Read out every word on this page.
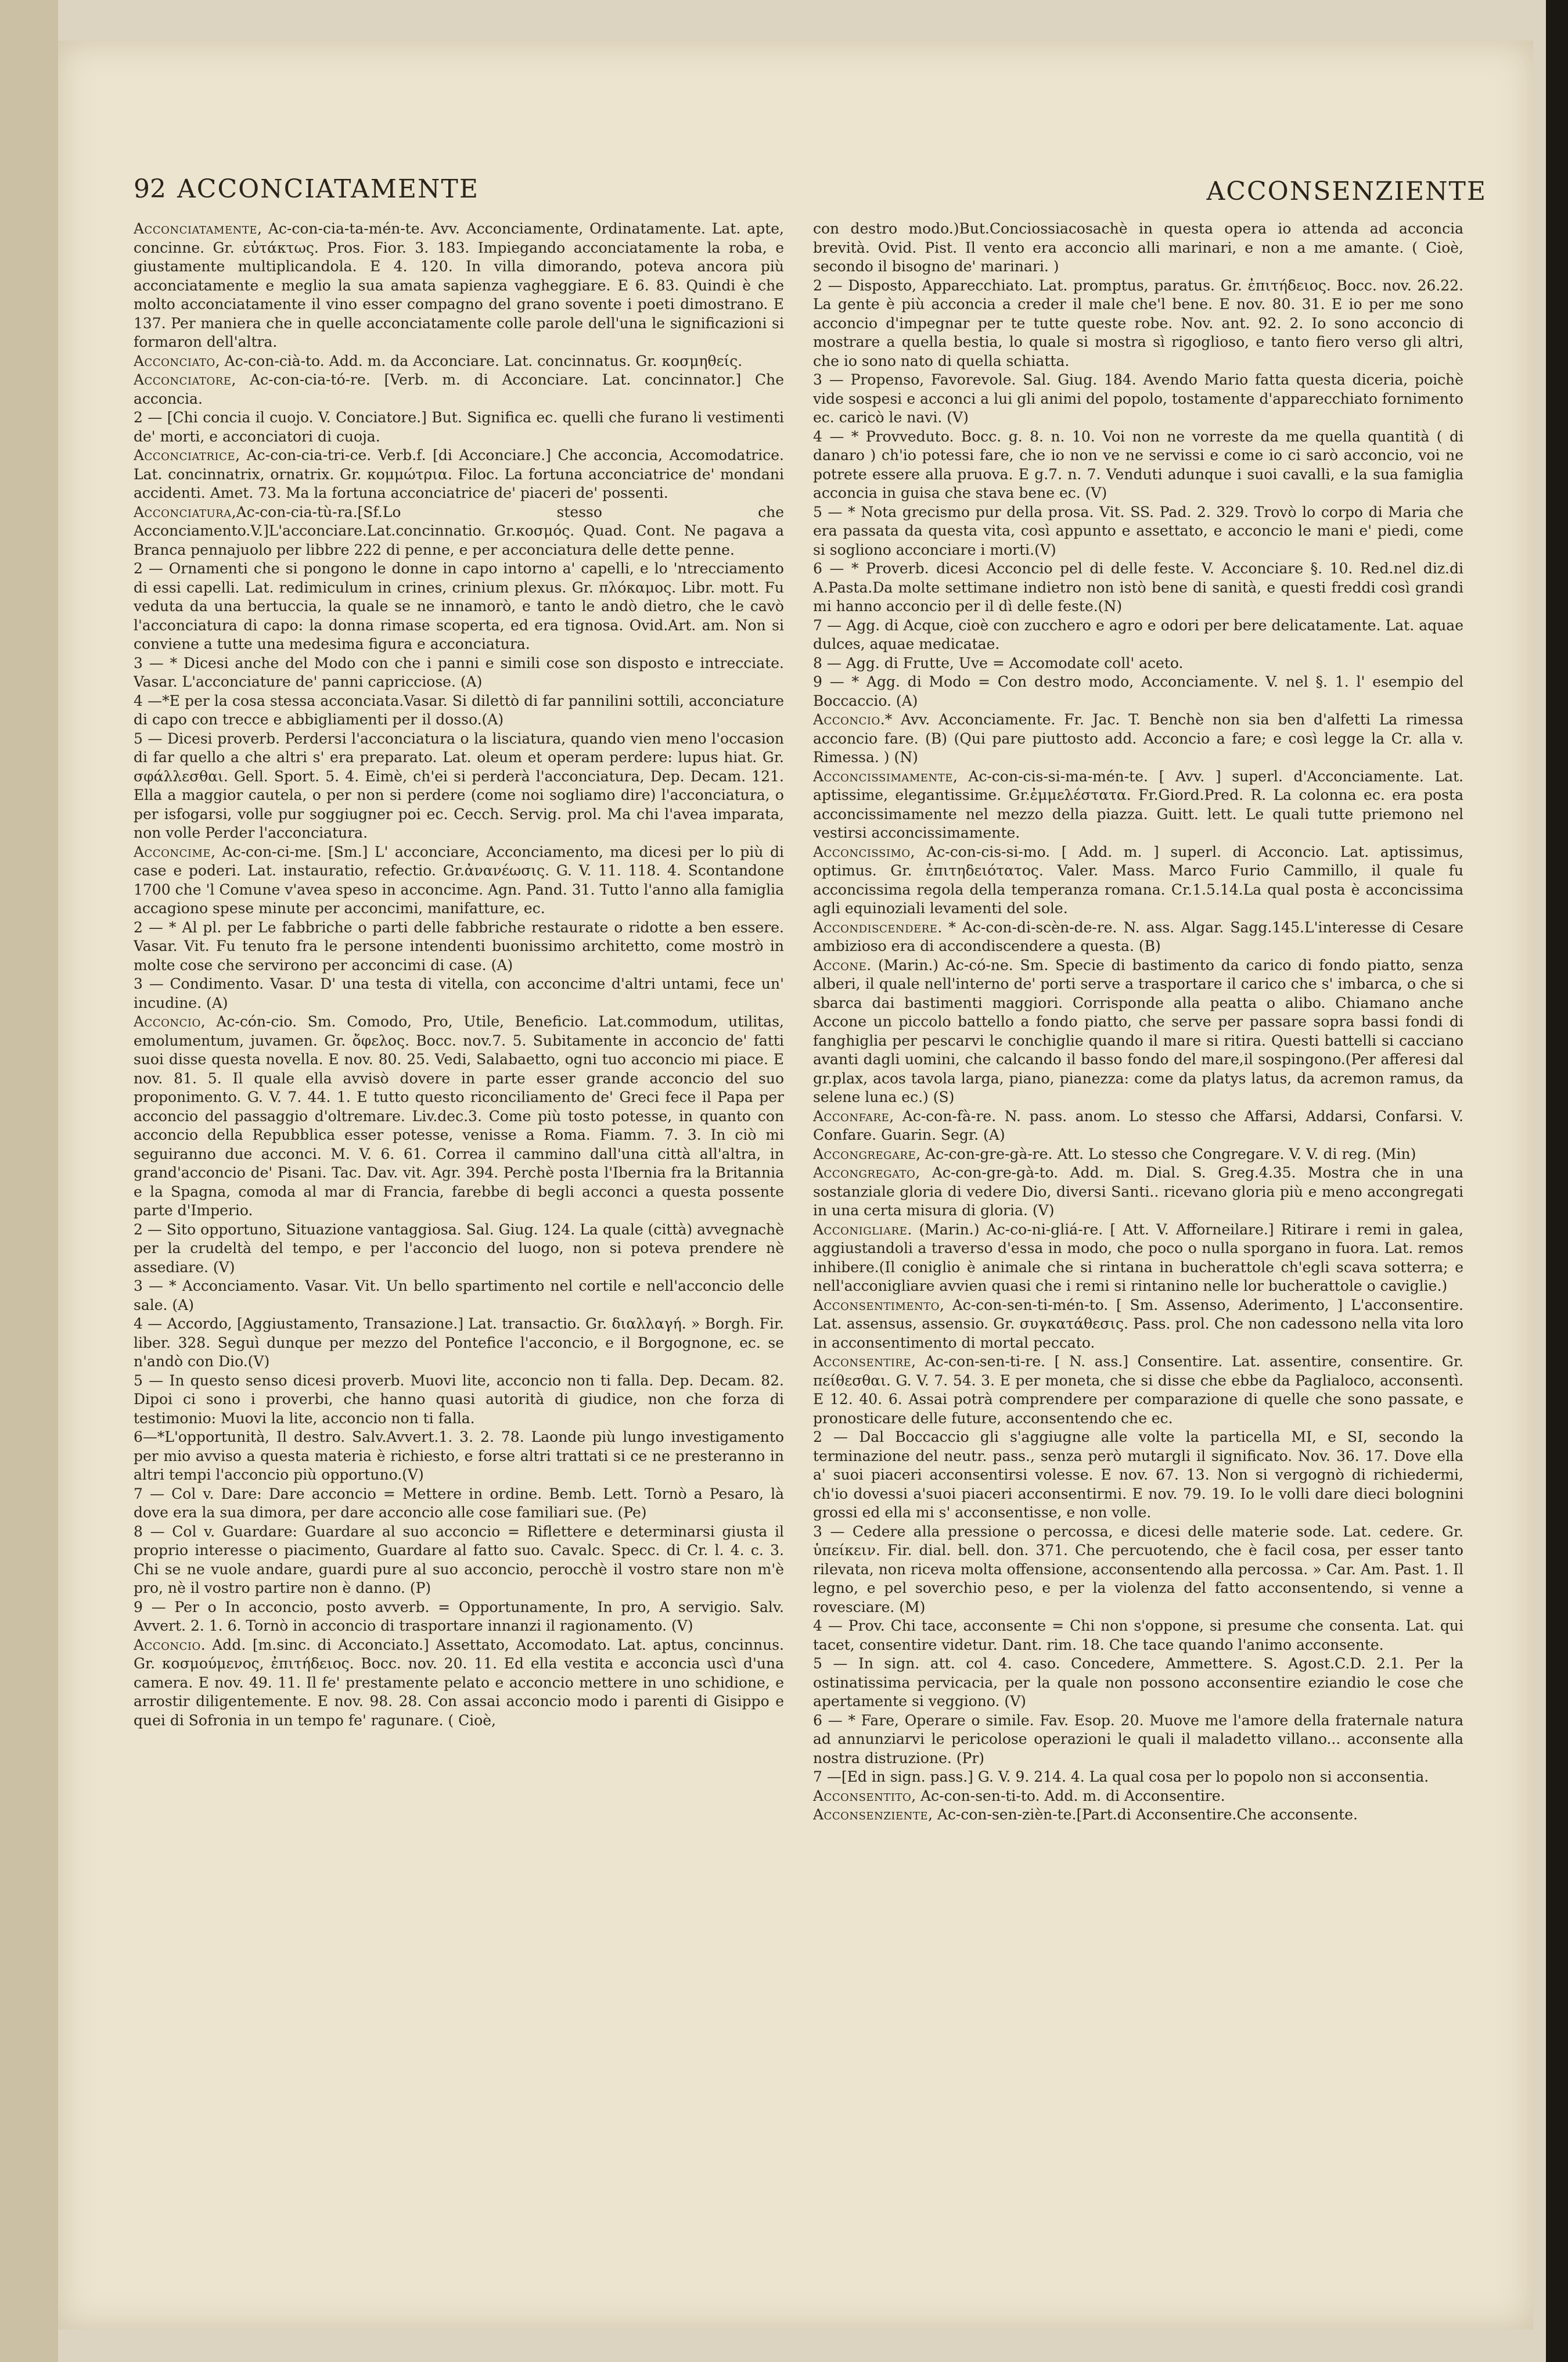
92 ACCONCIATAMENTE	ACCONSENZIENTE

Acconciatamente, Ac-con-cia-ta-mén-te. Avv. Acconciamente, Ordinatamente. Lat. apte, concinne. Gr. εὐτάκτως. Pros. Fior. 3. 183. Impiegando acconciatamente la roba, e giustamente multiplicandola. E 4. 120. In villa dimorando, poteva ancora più acconciatamente e meglio la sua amata sapienza vagheggiare. E 6. 83. Quindi è che molto acconciatamente il vino esser compagno del grano sovente i poeti dimostrano. E 137. Per maniera che in quelle acconciatamente colle parole dell'una le significazioni si formaron dell'altra.

Acconciato, Ac-con-cià-to. Add. m. da Acconciare. Lat. concinnatus. Gr. κοσμηθείς.

Acconciatore, Ac-con-cia-tó-re. [Verb. m. di Acconciare. Lat. concinnator.] Che acconcia.

2 — [Chi concia il cuojo. V. Conciatore.] But. Significa ec. quelli che furano li vestimenti de' morti, e acconciatori di cuoja.

Acconciatrice, Ac-con-cia-tri-ce. Verb.f. [di Acconciare.] Che acconcia, Accomodatrice. Lat. concinnatrix, ornatrix. Gr. κομμώτρια. Filoc. La fortuna acconciatrice de' mondani accidenti. Amet. 73. Ma la fortuna acconciatrice de' piaceri de' possenti.

Acconciatura,Ac-con-cia-tù-ra.[Sf.Lo stesso che Acconciamento.V.]L'acconciare.Lat.concinnatio. Gr.κοσμός. Quad. Cont. Ne pagava a Branca pennajuolo per libbre 222 di penne, e per acconciatura delle dette penne.

2 — Ornamenti che si pongono le donne in capo intorno a' capelli, e lo 'ntrecciamento di essi capelli. Lat. redimiculum in crines, crinium plexus. Gr. πλόκαμος. Libr. mott. Fu veduta da una bertuccia, la quale se ne innamorò, e tanto le andò dietro, che le cavò l'acconciatura di capo: la donna rimase scoperta, ed era tignosa. Ovid.Art. am. Non si conviene a tutte una medesima figura e acconciatura.

3 — * Dicesi anche del Modo con che i panni e simili cose son disposto e intrecciate. Vasar. L'acconciature de' panni capricciose. (A)

4 —*E per la cosa stessa acconciata.Vasar. Si dilettò di far pannilini sottili, acconciature di capo con trecce e abbigliamenti per il dosso.(A)

5 — Dicesi proverb. Perdersi l'acconciatura o la lisciatura, quando vien meno l'occasion di far quello a che altri s' era preparato. Lat. oleum et operam perdere: lupus hiat. Gr. σφάλλεσθαι. Gell. Sport. 5. 4. Eimè, ch'ei si perderà l'acconciatura, Dep. Decam. 121. Ella a maggior cautela, o per non si perdere (come noi sogliamo dire) l'acconciatura, o per isfogarsi, volle pur soggiugner poi ec. Cecch. Servig. prol. Ma chi l'avea imparata, non volle Perder l'acconciatura.

Acconcime, Ac-con-ci-me. [Sm.] L' acconciare, Acconciamento, ma dicesi per lo più di case e poderi. Lat. instauratio, refectio. Gr.ἀνανέωσις. G. V. 11. 118. 4. Scontandone 1700 che 'l Comune v'avea speso in acconcime. Agn. Pand. 31. Tutto l'anno alla famiglia accagiono spese minute per acconcimi, manifatture, ec.

2 — * Al pl. per Le fabbriche o parti delle fabbriche restaurate o ridotte a ben essere. Vasar. Vit. Fu tenuto fra le persone intendenti buonissimo architetto, come mostrò in molte cose che servirono per acconcimi di case. (A)

3 — Condimento. Vasar. D' una testa di vitella, con acconcime d'altri untami, fece un' incudine. (A)

Acconcio, Ac-cón-cio. Sm. Comodo, Pro, Utile, Beneficio. Lat.commodum, utilitas, emolumentum, juvamen. Gr. ὄφελος. Bocc. nov.7. 5. Subitamente in acconcio de' fatti suoi disse questa novella. E nov. 80. 25. Vedi, Salabaetto, ogni tuo acconcio mi piace. E nov. 81. 5. Il quale ella avvisò dovere in parte esser grande acconcio del suo proponimento. G. V. 7. 44. 1. E tutto questo riconciliamento de' Greci fece il Papa per acconcio del passaggio d'oltremare. Liv.dec.3. Come più tosto potesse, in quanto con acconcio della Repubblica esser potesse, venisse a Roma. Fiamm. 7. 3. In ciò mi seguiranno due acconci. M. V. 6. 61. Correa il cammino dall'una città all'altra, in grand'acconcio de' Pisani. Tac. Dav. vit. Agr. 394. Perchè posta l'Ibernia fra la Britannia e la Spagna, comoda al mar di Francia, farebbe di begli acconci a questa possente parte d'Imperio.

2 — Sito opportuno, Situazione vantaggiosa. Sal. Giug. 124. La quale (città) avvegnachè per la crudeltà del tempo, e per l'acconcio del luogo, non si poteva prendere nè assediare. (V)

3 — * Acconciamento. Vasar. Vit. Un bello spartimento nel cortile e nell'acconcio delle sale. (A)

4 — Accordo, [Aggiustamento, Transazione.] Lat. transactio. Gr. διαλλαγή. » Borgh. Fir. liber. 328. Seguì dunque per mezzo del Pontefice l'acconcio, e il Borgognone, ec. se n'andò con Dio.(V)

5 — In questo senso dicesi proverb. Muovi lite, acconcio non ti falla. Dep. Decam. 82. Dipoi ci sono i proverbi, che hanno quasi autorità di giudice, non che forza di testimonio: Muovi la lite, acconcio non ti falla.

6—*L'opportunità, Il destro. Salv.Avvert.1. 3. 2. 78. Laonde più lungo investigamento per mio avviso a questa materia è richiesto, e forse altri trattati si ce ne presteranno in altri tempi l'acconcio più opportuno.(V)

7 — Col v. Dare: Dare acconcio = Mettere in ordine. Bemb. Lett. Tornò a Pesaro, là dove era la sua dimora, per dare acconcio alle cose familiari sue. (Pe)

8 — Col v. Guardare: Guardare al suo acconcio = Riflettere e determinarsi giusta il proprio interesse o piacimento, Guardare al fatto suo. Cavalc. Specc. di Cr. l. 4. c. 3. Chi se ne vuole andare, guardi pure al suo acconcio, perocchè il vostro stare non m'è pro, nè il vostro partire non è danno. (P)

9 — Per o In acconcio, posto avverb. = Opportunamente, In pro, A servigio. Salv. Avvert. 2. 1. 6. Tornò in acconcio di trasportare innanzi il ragionamento. (V)

Acconcio. Add. [m.sinc. di Acconciato.] Assettato, Accomodato. Lat. aptus, concinnus. Gr. κοσμούμενος, ἐπιτήδειος. Bocc. nov. 20. 11. Ed ella vestita e acconcia uscì d'una camera. E nov. 49. 11. Il fe' prestamente pelato e acconcio mettere in uno schidione, e arrostir diligentemente. E nov. 98. 28. Con assai acconcio modo i parenti di Gisippo e quei di Sofronia in un tempo fe' ragunare. ( Cioè,

con destro modo.)But.Conciossiacosachè in questa opera io attenda ad acconcia brevità. Ovid. Pist. Il vento era acconcio alli marinari, e non a me amante. ( Cioè, secondo il bisogno de' marinari. )

2 — Disposto, Apparecchiato. Lat. promptus, paratus. Gr. ἐπιτήδειος. Bocc. nov. 26.22. La gente è più acconcia a creder il male che'l bene. E nov. 80. 31. E io per me sono acconcio d'impegnar per te tutte queste robe. Nov. ant. 92. 2. Io sono acconcio di mostrare a quella bestia, lo quale si mostra sì rigoglioso, e tanto fiero verso gli altri, che io sono nato di quella schiatta.

3 — Propenso, Favorevole. Sal. Giug. 184. Avendo Mario fatta questa diceria, poichè vide sospesi e acconci a lui gli animi del popolo, tostamente d'apparecchiato fornimento ec. caricò le navi. (V)

4 — * Provveduto. Bocc. g. 8. n. 10. Voi non ne vorreste da me quella quantità ( di danaro ) ch'io potessi fare, che io non ve ne servissi e come io ci sarò acconcio, voi ne potrete essere alla pruova. E g.7. n. 7. Venduti adunque i suoi cavalli, e la sua famiglia acconcia in guisa che stava bene ec. (V)

5 — * Nota grecismo pur della prosa. Vit. SS. Pad. 2. 329. Trovò lo corpo di Maria che era passata da questa vita, così appunto e assettato, e acconcio le mani e' piedi, come si sogliono acconciare i morti.(V)

6 — * Proverb. dicesi Acconcio pel di delle feste. V. Acconciare §. 10. Red.nel diz.di A.Pasta.Da molte settimane indietro non istò bene di sanità, e questi freddi così grandi mi hanno acconcio per il dì delle feste.(N)

7 — Agg. di Acque, cioè con zucchero e agro e odori per bere delicatamente. Lat. aquae dulces, aquae medicatae.

8 — Agg. di Frutte, Uve = Accomodate coll' aceto.

9 — * Agg. di Modo = Con destro modo, Acconciamente. V. nel §. 1. l' esempio del Boccaccio. (A)

Acconcio.* Avv. Acconciamente. Fr. Jac. T. Benchè non sia ben d'alfetti La rimessa acconcio fare. (B) (Qui pare piuttosto add. Acconcio a fare; e così legge la Cr. alla v. Rimessa. ) (N)

Acconcissimamente, Ac-con-cis-si-ma-mén-te. [ Avv. ] superl. d'Acconciamente. Lat. aptissime, elegantissime. Gr.ἐμμελέστατα. Fr.Giord.Pred. R. La colonna ec. era posta acconcissimamente nel mezzo della piazza. Guitt. lett. Le quali tutte priemono nel vestirsi acconcissimamente.

Acconcissimo, Ac-con-cis-si-mo. [ Add. m. ] superl. di Acconcio. Lat. aptissimus, optimus. Gr. ἐπιτηδειότατος. Valer. Mass. Marco Furio Cammillo, il quale fu acconcissima regola della temperanza romana. Cr.1.5.14.La qual posta è acconcissima agli equinoziali levamenti del sole.

Accondiscendere. * Ac-con-di-scèn-de-re. N. ass. Algar. Sagg.145.L'interesse di Cesare ambizioso era di accondiscendere a questa. (B)

Accone. (Marin.) Ac-có-ne. Sm. Specie di bastimento da carico di fondo piatto, senza alberi, il quale nell'interno de' porti serve a trasportare il carico che s' imbarca, o che si sbarca dai bastimenti maggiori. Corrisponde alla peatta o alibo. Chiamano anche Accone un piccolo battello a fondo piatto, che serve per passare sopra bassi fondi di fanghiglia per pescarvi le conchiglie quando il mare si ritira. Questi battelli si cacciano avanti dagli uomini, che calcando il basso fondo del mare,il sospingono.(Per afferesi dal gr.plax, acos tavola larga, piano, pianezza: come da platys latus, da acremon ramus, da selene luna ec.) (S)

Acconfare, Ac-con-fà-re. N. pass. anom. Lo stesso che Affarsi, Addarsi, Confarsi. V. Confare. Guarin. Segr. (A)

Accongregare, Ac-con-gre-gà-re. Att. Lo stesso che Congregare. V. V. di reg. (Min)

Accongregato, Ac-con-gre-gà-to. Add. m. Dial. S. Greg.4.35. Mostra che in una sostanziale gloria di vedere Dio, diversi Santi.. ricevano gloria più e meno accongregati in una certa misura di gloria. (V)

Acconigliare. (Marin.) Ac-co-ni-gliá-re. [ Att. V. Afforneilare.] Ritirare i remi in galea, aggiustandoli a traverso d'essa in modo, che poco o nulla sporgano in fuora. Lat. remos inhibere.(Il coniglio è animale che si rintana in bucherattole ch'egli scava sotterra; e nell'acconigliare avvien quasi che i remi si rintanino nelle lor bucherattole o caviglie.)

Acconsentimento, Ac-con-sen-ti-mén-to. [ Sm. Assenso, Aderimento, ] L'acconsentire. Lat. assensus, assensio. Gr. συγκατάθεσις. Pass. prol. Che non cadessono nella vita loro in acconsentimento di mortal peccato.

Acconsentire, Ac-con-sen-ti-re. [ N. ass.] Consentire. Lat. assentire, consentire. Gr. πείθεσθαι. G. V. 7. 54. 3. E per moneta, che si disse che ebbe da Paglialoco, acconsentì. E 12. 40. 6. Assai potrà comprendere per comparazione di quelle che sono passate, e pronosticare delle future, acconsentendo che ec.

2 — Dal Boccaccio gli s'aggiugne alle volte la particella MI, e SI, secondo la terminazione del neutr. pass., senza però mutargli il significato. Nov. 36. 17. Dove ella a' suoi piaceri acconsentirsi volesse. E nov. 67. 13. Non si vergognò di richiedermi, ch'io dovessi a'suoi piaceri acconsentirmi. E nov. 79. 19. Io le volli dare dieci bolognini grossi ed ella mi s' acconsentisse, e non volle.

3 — Cedere alla pressione o percossa, e dicesi delle materie sode. Lat. cedere. Gr. ὑπείκειν. Fir. dial. bell. don. 371. Che percuotendo, che è facil cosa, per esser tanto rilevata, non riceva molta offensione, acconsentendo alla percossa. » Car. Am. Past. 1. Il legno, e pel soverchio peso, e per la violenza del fatto acconsentendo, si venne a rovesciare. (M)

4 — Prov. Chi tace, acconsente = Chi non s'oppone, si presume che consenta. Lat. qui tacet, consentire videtur. Dant. rim. 18. Che tace quando l'animo acconsente.

5 — In sign. att. col 4. caso. Concedere, Ammettere. S. Agost.C.D. 2.1. Per la ostinatissima pervicacia, per la quale non possono acconsentire eziandio le cose che apertamente si veggiono. (V)

6 — * Fare, Operare o simile. Fav. Esop. 20. Muove me l'amore della fraternale natura ad annunziarvi le pericolose operazioni le quali il maladetto villano... acconsente alla nostra distruzione. (Pr)

7 —[Ed in sign. pass.] G. V. 9. 214. 4. La qual cosa per lo popolo non si acconsentia.

Acconsentito, Ac-con-sen-ti-to. Add. m. di Acconsentire.

Acconsenziente, Ac-con-sen-zièn-te.[Part.di Acconsentire.Che acconsente.
